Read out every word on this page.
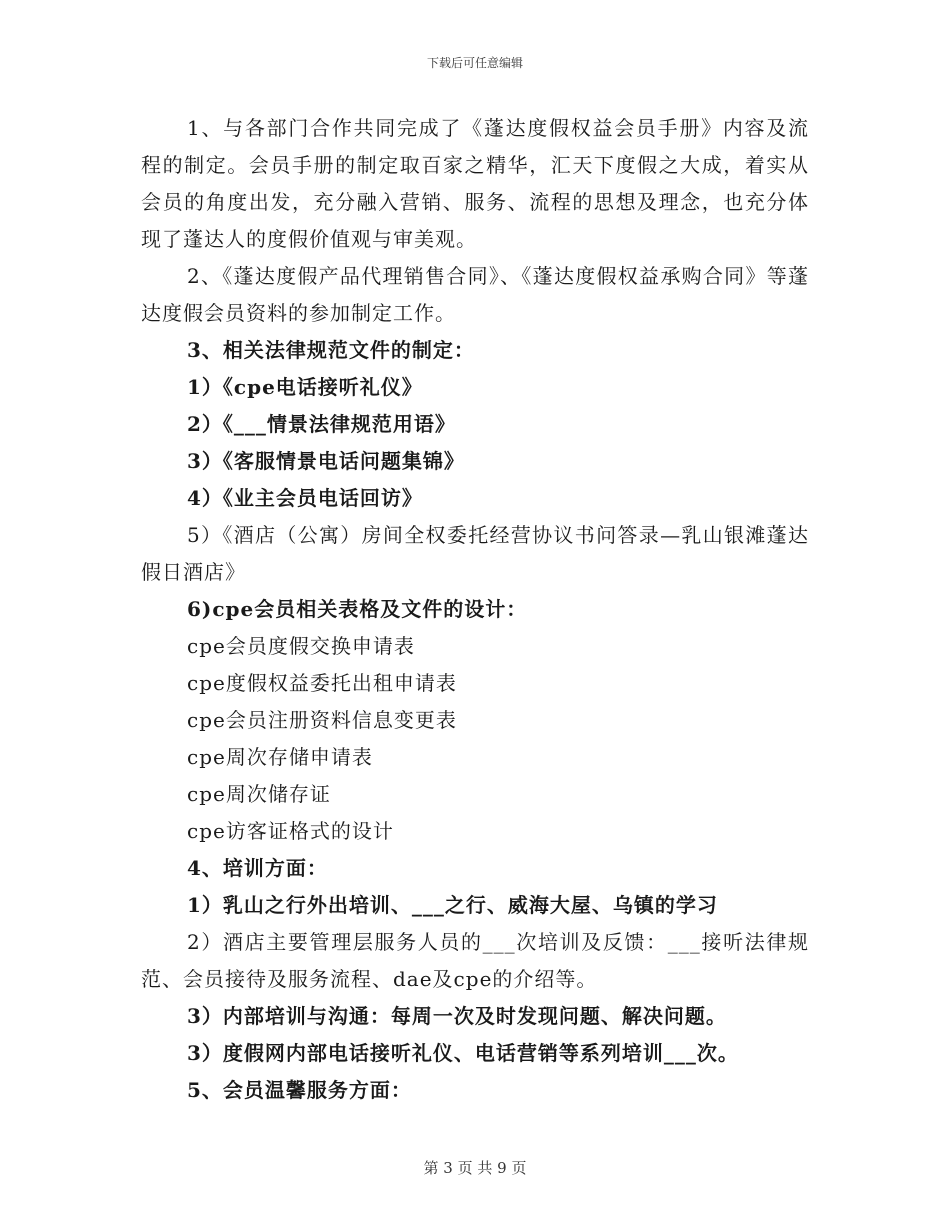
下载后可任意编辑

1、与各部门合作共同完成了《蓬达度假权益会员手册》内容及流程的制定。会员手册的制定取百家之精华，汇天下度假之大成，着实从会员的角度出发，充分融入营销、服务、流程的思想及理念，也充分体现了蓬达人的度假价值观与审美观。

2、《蓬达度假产品代理销售合同》、《蓬达度假权益承购合同》等蓬达度假会员资料的参加制定工作。

3、相关法律规范文件的制定：

1）《cpe电话接听礼仪》

2）《___情景法律规范用语》

3）《客服情景电话问题集锦》

4）《业主会员电话回访》

5）《酒店（公寓）房间全权委托经营协议书问答录—乳山银滩蓬达假日酒店》

6)cpe会员相关表格及文件的设计：

cpe会员度假交换申请表

cpe度假权益委托出租申请表

cpe会员注册资料信息变更表

cpe周次存储申请表

cpe周次储存证

cpe访客证格式的设计

4、培训方面：

1）乳山之行外出培训、___之行、威海大屋、乌镇的学习

2）酒店主要管理层服务人员的___次培训及反馈：___接听法律规范、会员接待及服务流程、dae及cpe的介绍等。

3）内部培训与沟通：每周一次及时发现问题、解决问题。

3）度假网内部电话接听礼仪、电话营销等系列培训___次。

5、会员温馨服务方面：

第 3 页 共 9 页
